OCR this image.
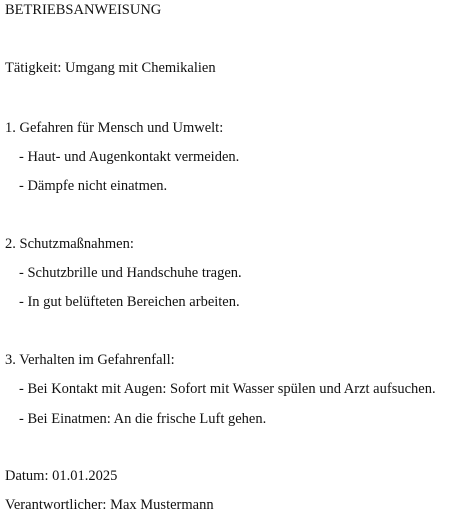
BETRIEBSANWEISUNG
Tätigkeit: Umgang mit Chemikalien
1. Gefahren für Mensch und Umwelt:
- Haut- und Augenkontakt vermeiden.
- Dämpfe nicht einatmen.
2. Schutzmaßnahmen:
- Schutzbrille und Handschuhe tragen.
- In gut belüfteten Bereichen arbeiten.
3. Verhalten im Gefahrenfall:
- Bei Kontakt mit Augen: Sofort mit Wasser spülen und Arzt aufsuchen.
- Bei Einatmen: An die frische Luft gehen.
Datum: 01.01.2025
Verantwortlicher: Max Mustermann
